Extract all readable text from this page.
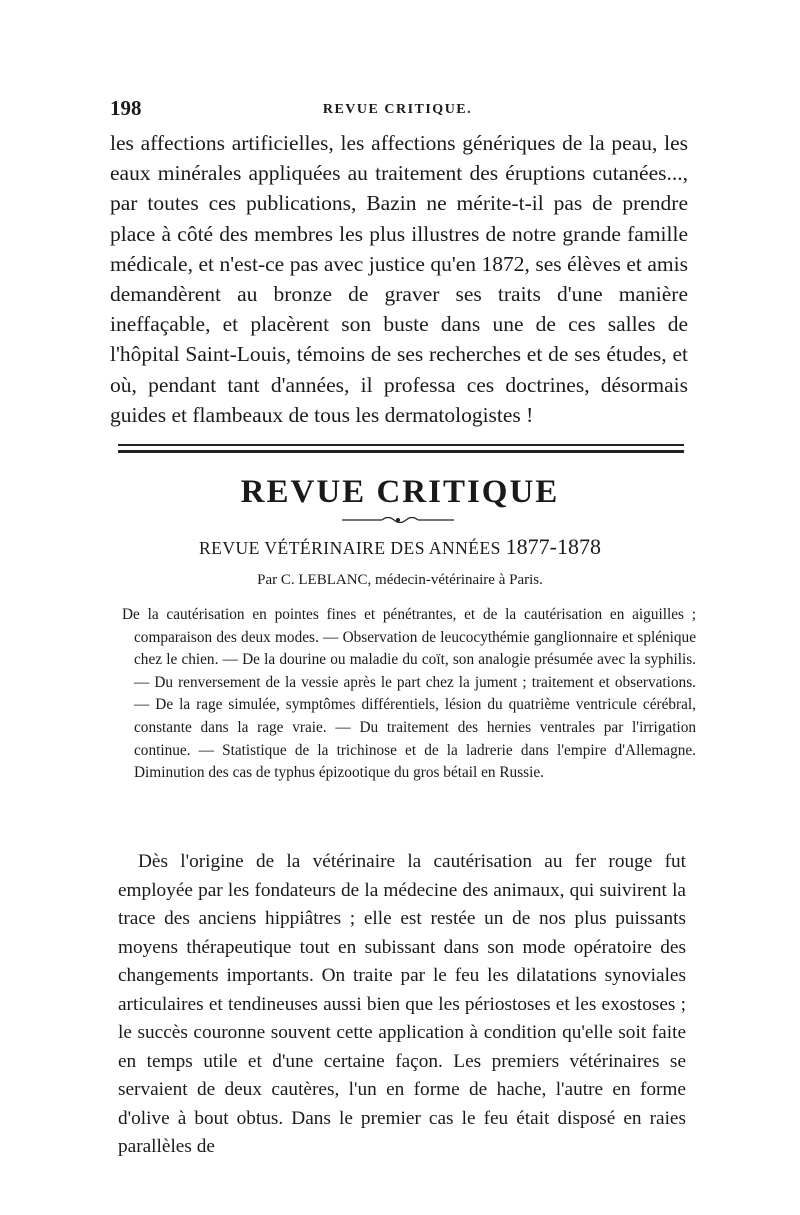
198	REVUE CRITIQUE.

les affections artificielles, les affections génériques de la peau, les eaux minérales appliquées au traitement des éruptions cutanées..., par toutes ces publications, Bazin ne mérite-t-il pas de prendre place à côté des membres les plus illustres de notre grande famille médicale, et n'est-ce pas avec justice qu'en 1872, ses élèves et amis demandèrent au bronze de graver ses traits d'une manière ineffaçable, et placèrent son buste dans une de ces salles de l'hôpital Saint-Louis, témoins de ses recherches et de ses études, et où, pendant tant d'années, il professa ces doctrines, désormais guides et flambeaux de tous les dermatologistes !

REVUE CRITIQUE
REVUE VÉTÉRINAIRE DES ANNÉES 1877-1878
Par C. LEBLANC, médecin-vétérinaire à Paris.

De la cautérisation en pointes fines et pénétrantes, et de la cautérisation en aiguilles ; comparaison des deux modes. — Observation de leucocythémie ganglionnaire et splénique chez le chien. — De la dourine ou maladie du coït, son analogie présumée avec la syphilis. — Du renversement de la vessie après le part chez la jument ; traitement et observations. — De la rage simulée, symptômes différentiels, lésion du quatrième ventricule cérébral, constante dans la rage vraie. — Du traitement des hernies ventrales par l'irrigation continue. — Statistique de la trichinose et de la ladrerie dans l'empire d'Allemagne. Diminution des cas de typhus épizootique du gros bétail en Russie.

Dès l'origine de la vétérinaire la cautérisation au fer rouge fut employée par les fondateurs de la médecine des animaux, qui suivirent la trace des anciens hippiâtres ; elle est restée un de nos plus puissants moyens thérapeutique tout en subissant dans son mode opératoire des changements importants. On traite par le feu les dilatations synoviales articulaires et tendineuses aussi bien que les périostoses et les exostoses ; le succès couronne souvent cette application à condition qu'elle soit faite en temps utile et d'une certaine façon. Les premiers vétérinaires se servaient de deux cautères, l'un en forme de hache, l'autre en forme d'olive à bout obtus. Dans le premier cas le feu était disposé en raies parallèles de
